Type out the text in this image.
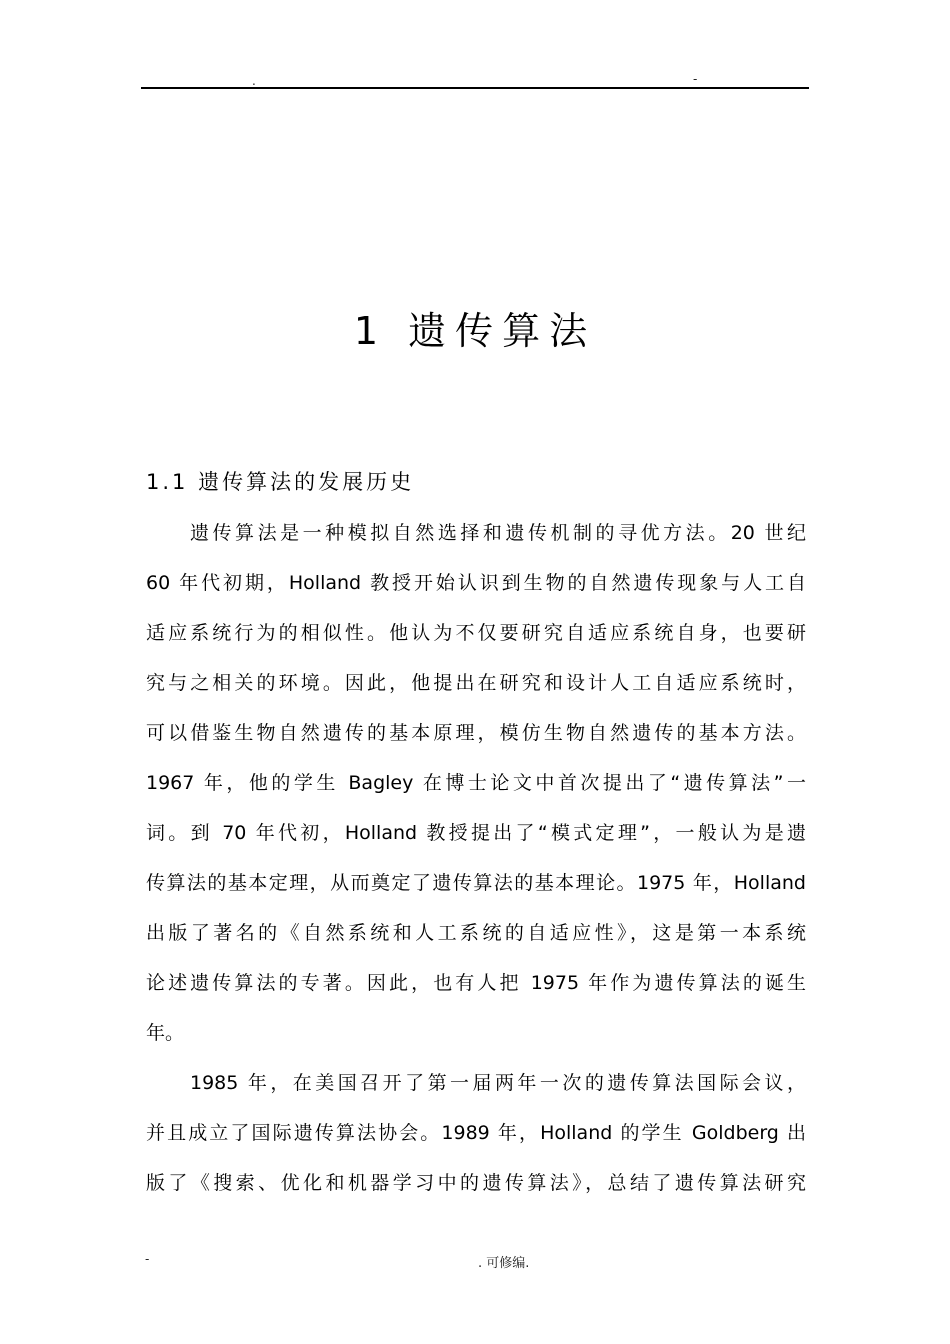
.	-
1 遗传算法
1.1 遗传算法的发展历史
遗传算法是一种模拟自然选择和遗传机制的寻优方法。20 世纪
60 年代初期，Holland 教授开始认识到生物的自然遗传现象与人工自
适应系统行为的相似性。他认为不仅要研究自适应系统自身，也要研
究与之相关的环境。因此，他提出在研究和设计人工自适应系统时，
可以借鉴生物自然遗传的基本原理，模仿生物自然遗传的基本方法。
1967 年，他的学生 Bagley 在博士论文中首次提出了“遗传算法”一
词。到 70 年代初，Holland 教授提出了“模式定理”，一般认为是遗
传算法的基本定理，从而奠定了遗传算法的基本理论。1975 年，Holland
出版了著名的《自然系统和人工系统的自适应性》，这是第一本系统
论述遗传算法的专著。因此，也有人把 1975 年作为遗传算法的诞生
年。
1985 年，在美国召开了第一届两年一次的遗传算法国际会议，
并且成立了国际遗传算法协会。1989 年，Holland 的学生 Goldberg 出
版了《搜索、优化和机器学习中的遗传算法》，总结了遗传算法研究
-	. 可修编.
